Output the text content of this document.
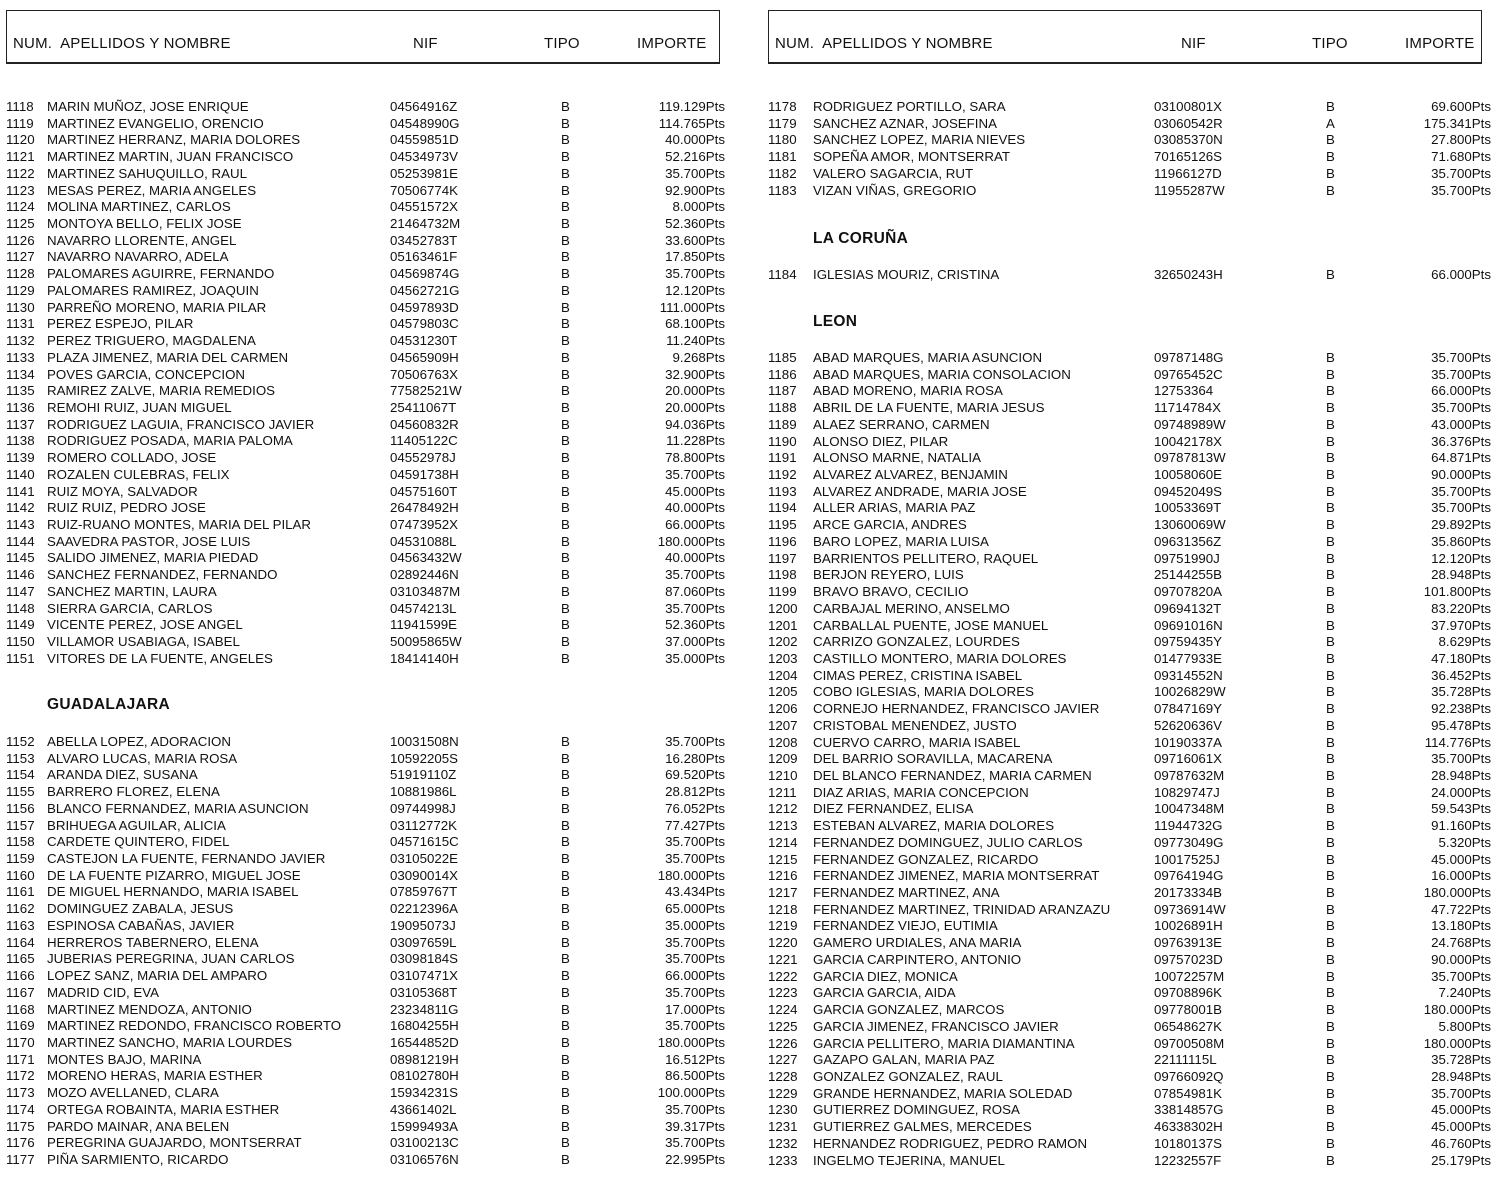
NUM. APELLIDOS Y NOMBRE	NIF	TIPO	IMPORTE
1118	MARIN MUÑOZ, JOSE ENRIQUE	04564916Z	B	119.129Pts
1119	MARTINEZ EVANGELIO, ORENCIO	04548990G	B	114.765Pts
1120 MARTINEZ HERRANZ, MARIA DOLORES	04559851D	B	40.000Pts
1121 MARTINEZ MARTIN, JUAN FRANCISCO	04534973V	B	52.216Pts
1122 MARTINEZ SAHUQUILLO, RAUL	05253981E	B	35.700Pts
1123 MESAS PEREZ, MARIA ANGELES	70506774K	B	92.900Pts
1124 MOLINA MARTINEZ, CARLOS	04551572X	B	8.000Pts
1125 MONTOYA BELLO, FELIX JOSE	21464732M	B	52.360Pts
1126 NAVARRO LLORENTE, ANGEL	03452783T	B	33.600Pts
1127 NAVARRO NAVARRO, ADELA	05163461F	B	17.850Pts
1128 PALOMARES AGUIRRE, FERNANDO	04569874G	B	35.700Pts
1129 PALOMARES RAMIREZ, JOAQUIN	04562721G	B	12.120Pts
1130 PARREÑO MORENO, MARIA PILAR	04597893D	B	111.000Pts
1131 PEREZ ESPEJO, PILAR	04579803C	B	68.100Pts
1132 PEREZ TRIGUERO, MAGDALENA	04531230T	B	11.240Pts
1133 PLAZA JIMENEZ, MARIA DEL CARMEN	04565909H	B	9.268Pts
1134 POVES GARCIA, CONCEPCION	70506763X	B	32.900Pts
1135 RAMIREZ ZALVE, MARIA REMEDIOS	77582521W	B	20.000Pts
1136 REMOHI RUIZ, JUAN MIGUEL	25411067T	B	20.000Pts
1137 RODRIGUEZ LAGUIA, FRANCISCO JAVIER	04560832R	B	94.036Pts
1138 RODRIGUEZ POSADA, MARIA PALOMA	11405122C	B	11.228Pts
1139 ROMERO COLLADO, JOSE	04552978J	B	78.800Pts
1140 ROZALEN CULEBRAS, FELIX	04591738H	B	35.700Pts
1141 RUIZ MOYA, SALVADOR	04575160T	B	45.000Pts
1142 RUIZ RUIZ, PEDRO JOSE	26478492H	B	40.000Pts
1143 RUIZ-RUANO MONTES, MARIA DEL PILAR	07473952X	B	66.000Pts
1144 SAAVEDRA PASTOR, JOSE LUIS	04531088L	B	180.000Pts
1145 SALIDO JIMENEZ, MARIA PIEDAD	04563432W	B	40.000Pts
1146 SANCHEZ FERNANDEZ, FERNANDO	02892446N	B	35.700Pts
1147 SANCHEZ MARTIN, LAURA	03103487M	B	87.060Pts
1148 SIERRA GARCIA, CARLOS	04574213L	B	35.700Pts
1149 VICENTE PEREZ, JOSE ANGEL	11941599E	B	52.360Pts
1150 VILLAMOR USABIAGA, ISABEL	50095865W	B	37.000Pts
1151 VITORES DE LA FUENTE, ANGELES	18414140H	B	35.000Pts
GUADALAJARA
1152 ABELLA LOPEZ, ADORACION	10031508N	B	35.700Pts
1153 ALVARO LUCAS, MARIA ROSA	10592205S	B	16.280Pts
1154 ARANDA DIEZ, SUSANA	51919110Z	B	69.520Pts
1155 BARRERO FLOREZ, ELENA	10881986L	B	28.812Pts
1156 BLANCO FERNANDEZ, MARIA ASUNCION	09744998J	B	76.052Pts
1157 BRIHUEGA AGUILAR, ALICIA	03112772K	B	77.427Pts
1158 CARDETE QUINTERO, FIDEL	04571615C	B	35.700Pts
1159 CASTEJON LA FUENTE, FERNANDO JAVIER	03105022E	B	35.700Pts
1160 DE LA FUENTE PIZARRO, MIGUEL JOSE	03090014X	B	180.000Pts
1161 DE MIGUEL HERNANDO, MARIA ISABEL	07859767T	B	43.434Pts
1162 DOMINGUEZ ZABALA, JESUS	02212396A	B	65.000Pts
1163 ESPINOSA CABAÑAS, JAVIER	19095073J	B	35.000Pts
1164 HERREROS TABERNERO, ELENA	03097659L	B	35.700Pts
1165 JUBERIAS PEREGRINA, JUAN CARLOS	03098184S	B	35.700Pts
1166 LOPEZ SANZ, MARIA DEL AMPARO	03107471X	B	66.000Pts
1167 MADRID CID, EVA	03105368T	B	35.700Pts
1168 MARTINEZ MENDOZA, ANTONIO	23234811G	B	17.000Pts
1169 MARTINEZ REDONDO, FRANCISCO ROBERTO	16804255H	B	35.700Pts
1170 MARTINEZ SANCHO, MARIA LOURDES	16544852D	B	180.000Pts
1171 MONTES BAJO, MARINA	08981219H	B	16.512Pts
1172 MORENO HERAS, MARIA ESTHER	08102780H	B	86.500Pts
1173 MOZO AVELLANED, CLARA	15934231S	B	100.000Pts
1174 ORTEGA ROBAINTA, MARIA ESTHER	43661402L	B	35.700Pts
1175 PARDO MAINAR, ANA BELEN	15999493A	B	39.317Pts
1176 PEREGRINA GUAJARDO, MONTSERRAT	03100213C	B	35.700Pts
1177 PIÑA SARMIENTO, RICARDO	03106576N	B	22.995Pts
NUM. APELLIDOS Y NOMBRE	NIF	TIPO	IMPORTE
1178	RODRIGUEZ PORTILLO, SARA	03100801X	B	69.600Pts
1179	SANCHEZ AZNAR, JOSEFINA	03060542R	A	175.341Pts
1180	SANCHEZ LOPEZ, MARIA NIEVES	03085370N	B	27.800Pts
1181	SOPEÑA AMOR, MONTSERRAT	70165126S	B	71.680Pts
1182	VALERO SAGARCIA, RUT	11966127D	B	35.700Pts
1183	VIZAN VIÑAS, GREGORIO	11955287W	B	35.700Pts
LA CORUÑA
1184	IGLESIAS MOURIZ, CRISTINA	32650243H	B	66.000Pts
LEON
1185	ABAD MARQUES, MARIA ASUNCION	09787148G	B	35.700Pts
1186	ABAD MARQUES, MARIA CONSOLACION	09765452C	B	35.700Pts
1187	ABAD MORENO, MARIA ROSA	12753364	B	66.000Pts
1188	ABRIL DE LA FUENTE, MARIA JESUS	11714784X	B	35.700Pts
1189	ALAEZ SERRANO, CARMEN	09748989W	B	43.000Pts
1190	ALONSO DIEZ, PILAR	10042178X	B	36.376Pts
1191	ALONSO MARNE, NATALIA	09787813W	B	64.871Pts
1192	ALVAREZ ALVAREZ, BENJAMIN	10058060E	B	90.000Pts
1193	ALVAREZ ANDRADE, MARIA JOSE	09452049S	B	35.700Pts
1194	ALLER ARIAS, MARIA PAZ	10053369T	B	35.700Pts
1195	ARCE GARCIA, ANDRES	13060069W	B	29.892Pts
1196	BARO LOPEZ, MARIA LUISA	09631356Z	B	35.860Pts
1197	BARRIENTOS PELLITERO, RAQUEL	09751990J	B	12.120Pts
1198	BERJON REYERO, LUIS	25144255B	B	28.948Pts
1199	BRAVO BRAVO, CECILIO	09707820A	B	101.800Pts
1200	CARBAJAL MERINO, ANSELMO	09694132T	B	83.220Pts
1201	CARBALLAL PUENTE, JOSE MANUEL	09691016N	B	37.970Pts
1202	CARRIZO GONZALEZ, LOURDES	09759435Y	B	8.629Pts
1203	CASTILLO MONTERO, MARIA DOLORES	01477933E	B	47.180Pts
1204	CIMAS PEREZ, CRISTINA ISABEL	09314552N	B	36.452Pts
1205	COBO IGLESIAS, MARIA DOLORES	10026829W	B	35.728Pts
1206	CORNEJO HERNANDEZ, FRANCISCO JAVIER	07847169Y	B	92.238Pts
1207	CRISTOBAL MENENDEZ, JUSTO	52620636V	B	95.478Pts
1208	CUERVO CARRO, MARIA ISABEL	10190337A	B	114.776Pts
1209	DEL BARRIO SORAVILLA, MACARENA	09716061X	B	35.700Pts
1210	DEL BLANCO FERNANDEZ, MARIA CARMEN	09787632M	B	28.948Pts
1211	DIAZ ARIAS, MARIA CONCEPCION	10829747J	B	24.000Pts
1212	DIEZ FERNANDEZ, ELISA	10047348M	B	59.543Pts
1213	ESTEBAN ALVAREZ, MARIA DOLORES	11944732G	B	91.160Pts
1214	FERNANDEZ DOMINGUEZ, JULIO CARLOS	09773049G	B	5.320Pts
1215	FERNANDEZ GONZALEZ, RICARDO	10017525J	B	45.000Pts
1216	FERNANDEZ JIMENEZ, MARIA MONTSERRAT	09764194G	B	16.000Pts
1217	FERNANDEZ MARTINEZ, ANA	20173334B	B	180.000Pts
1218	FERNANDEZ MARTINEZ, TRINIDAD ARANZAZU	09736914W	B	47.722Pts
1219	FERNANDEZ VIEJO, EUTIMIA	10026891H	B	13.180Pts
1220	GAMERO URDIALES, ANA MARIA	09763913E	B	24.768Pts
1221	GARCIA CARPINTERO, ANTONIO	09757023D	B	90.000Pts
1222	GARCIA DIEZ, MONICA	10072257M	B	35.700Pts
1223	GARCIA GARCIA, AIDA	09708896K	B	7.240Pts
1224	GARCIA GONZALEZ, MARCOS	09778001B	B	180.000Pts
1225	GARCIA JIMENEZ, FRANCISCO JAVIER	06548627K	B	5.800Pts
1226	GARCIA PELLITERO, MARIA DIAMANTINA	09700508M	B	180.000Pts
1227	GAZAPO GALAN, MARIA PAZ	22111115L	B	35.728Pts
1228	GONZALEZ GONZALEZ, RAUL	09766092Q	B	28.948Pts
1229	GRANDE HERNANDEZ, MARIA SOLEDAD	07854981K	B	35.700Pts
1230	GUTIERREZ DOMINGUEZ, ROSA	33814857G	B	45.000Pts
1231	GUTIERREZ GALMES, MERCEDES	46338302H	B	45.000Pts
1232	HERNANDEZ RODRIGUEZ, PEDRO RAMON	10180137S	B	46.760Pts
1233	INGELMO TEJERINA, MANUEL	12232557F	B	25.179Pts
